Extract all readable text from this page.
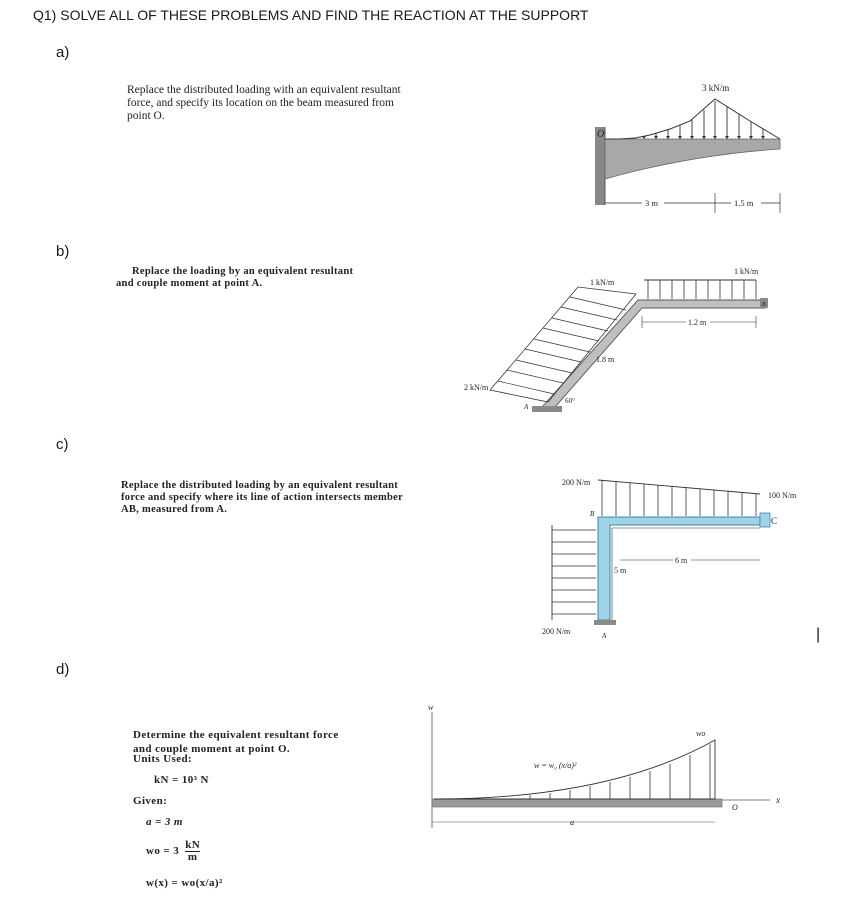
Q1) SOLVE ALL OF THESE PROBLEMS AND FIND THE REACTION AT THE SUPPORT
a)
Replace the distributed loading with an equivalent resultant
force, and specify its location on the beam measured from
point O.
3 kN/m
O
3 m	1.5 m
b)
Replace the loading by an equivalent resultant
and couple moment at point A.
2 kN/m
1 kN/m
1 kN/m
1.8 m
1.2 m
60°
A
B
c)
Replace the distributed loading by an equivalent resultant
force and specify where its line of action intersects member
AB, measured from A.
200 N/m
100 N/m
200 N/m
5 m
6 m
A
B
C
|
d)
Determine the equivalent resultant force
and couple moment at point O.
Units Used:
kN = 10³ N
Given:
a = 3 m
wo = $3 \frac{kN}{m}$
w(x) = wo(x/a)²
w
x
w = w₀ (x/a)²
wo
O
a
